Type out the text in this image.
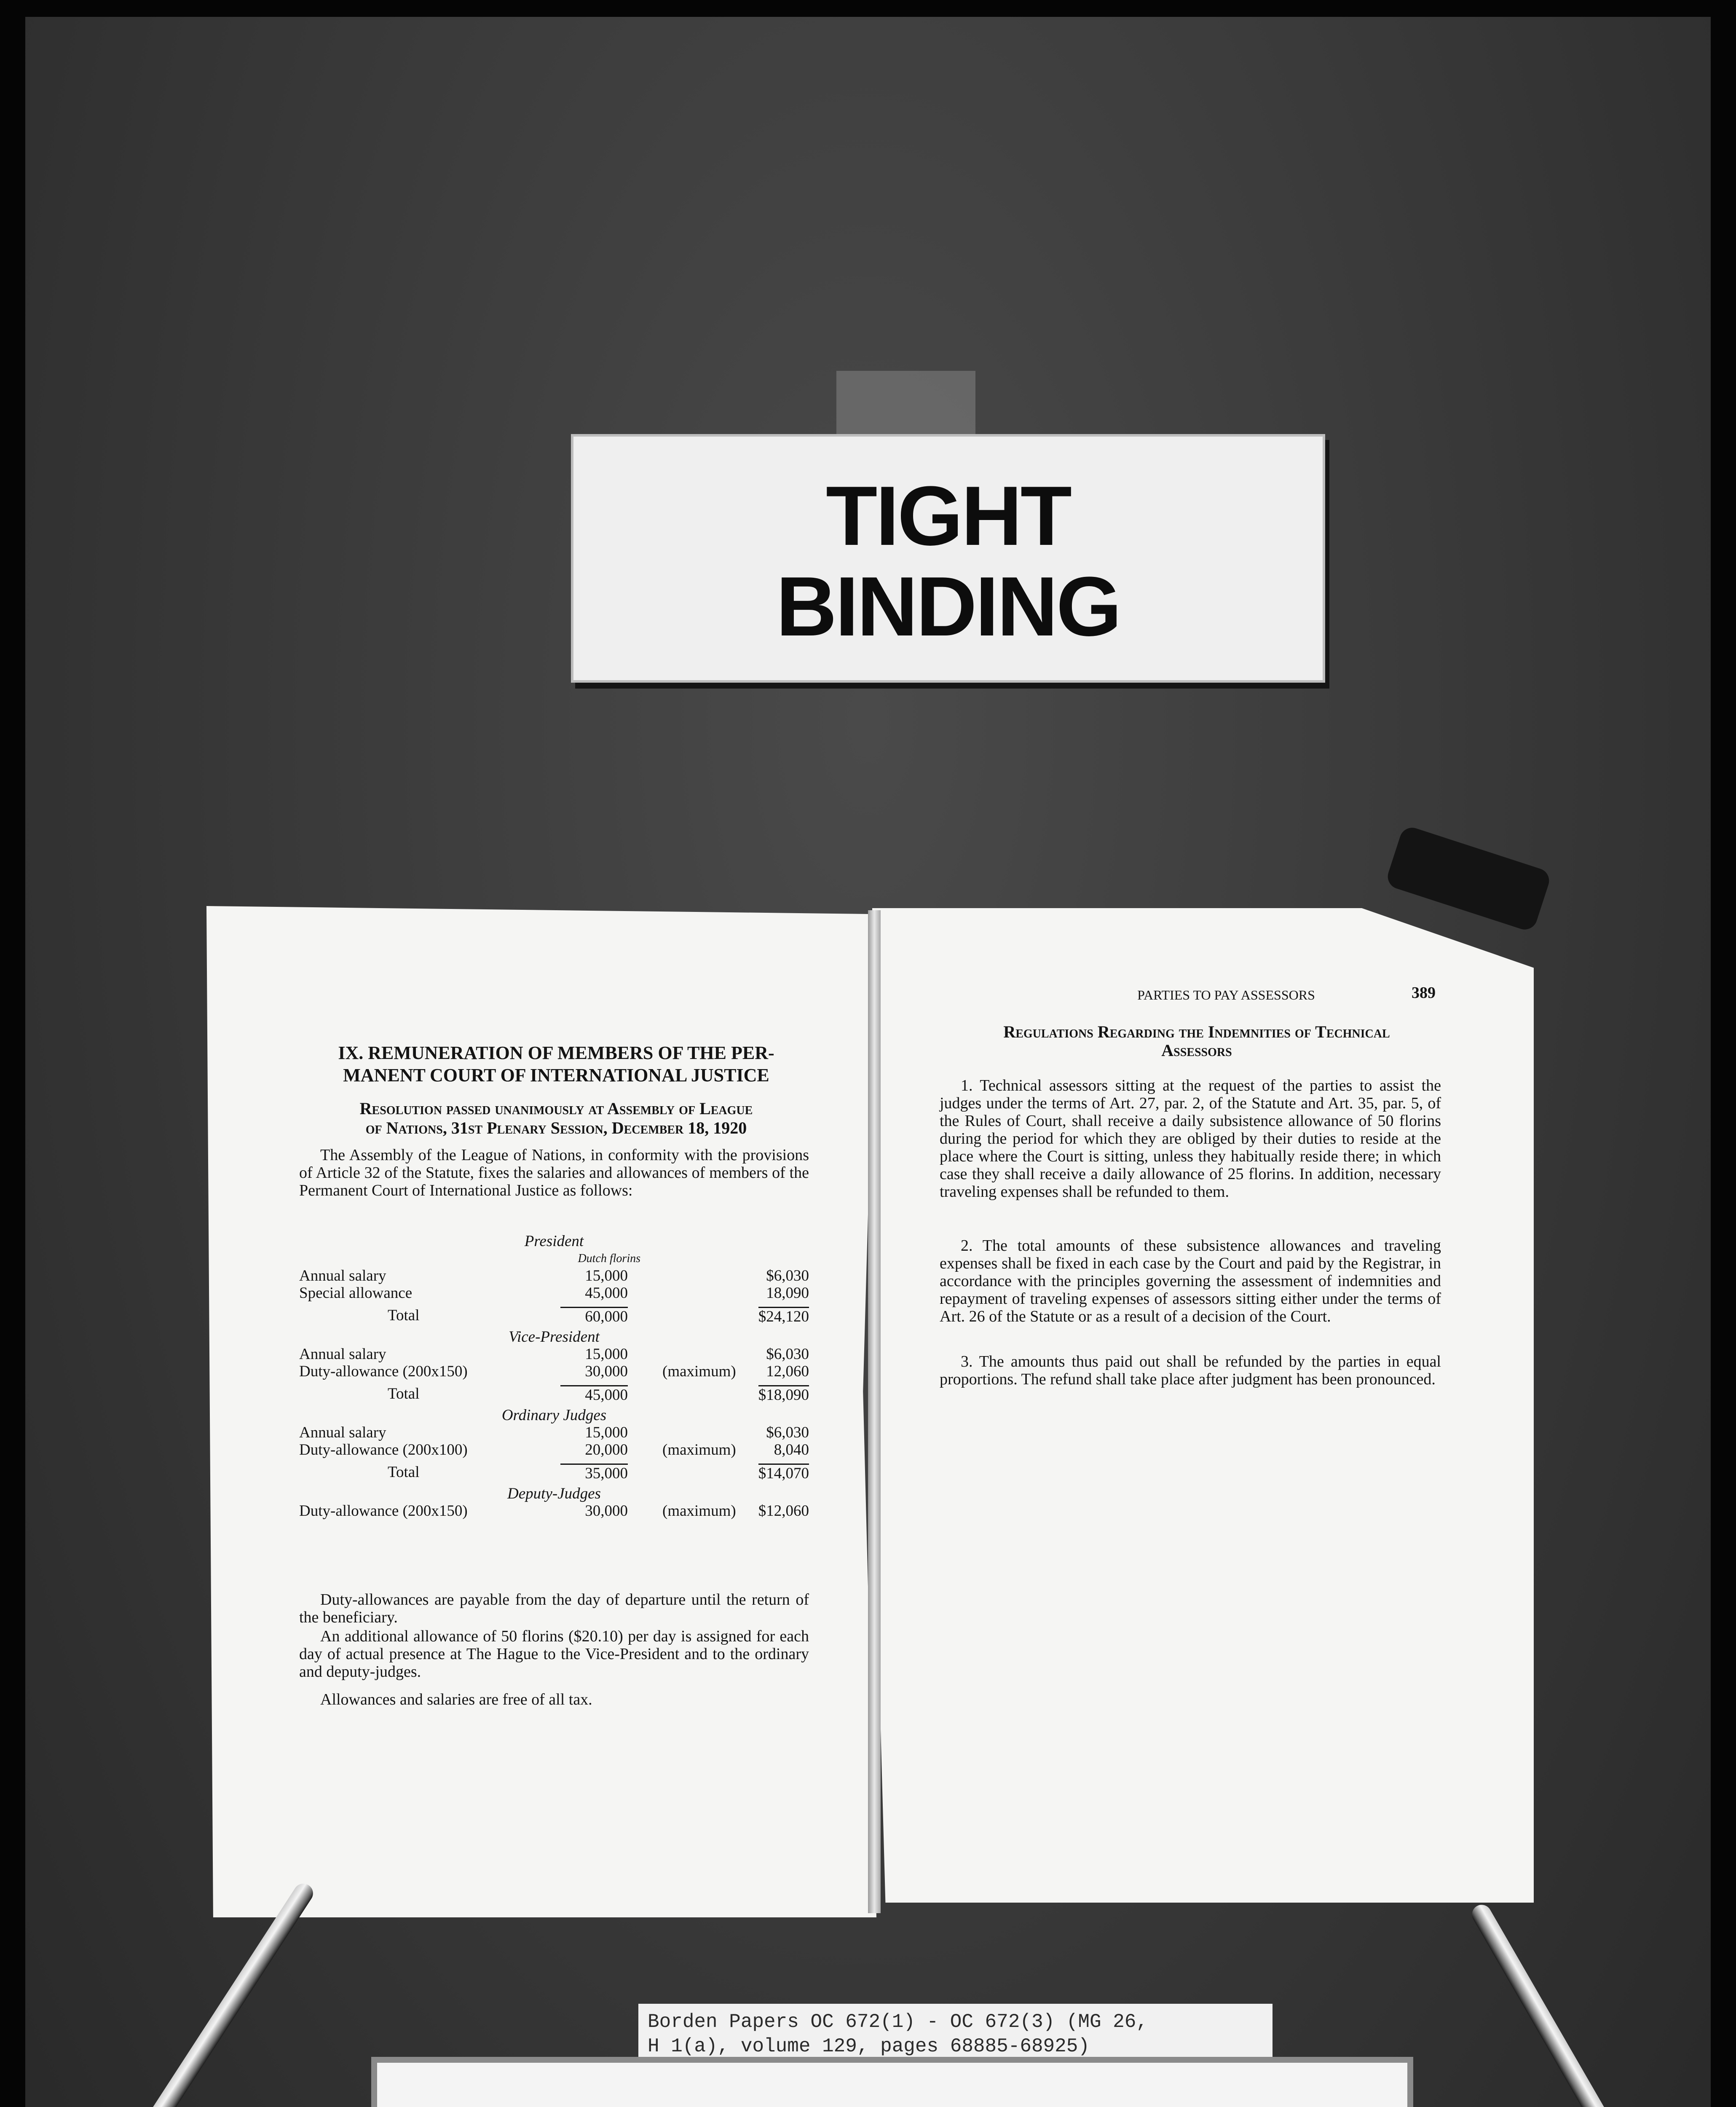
TIGHT
BINDING
IX. REMUNERATION OF MEMBERS OF THE PER-
MANENT COURT OF INTERNATIONAL JUSTICE
Resolution passed unanimously at Assembly of League
of Nations, 31st Plenary Session, December 18, 1920
The Assembly of the League of Nations, in conformity with the provisions of Article 32 of the Statute, fixes the salaries and allowances of members of the Permanent Court of International Justice as follows:
President
Dutch florins
Annual salary	15,000	$6,030
Special allowance	45,000	18,090
Total	60,000	$24,120
Vice-President
Annual salary	15,000	$6,030
Duty-allowance (200x150)	30,000 (maximum) 12,060
Total	45,000	$18,090
Ordinary Judges
Annual salary	15,000	$6,030
Duty-allowance (200x100)	20,000 (maximum) 8,040
Total	35,000	$14,070
Deputy-Judges
Duty-allowance (200x150)	30,000 (maximum) $12,060
Duty-allowances are payable from the day of departure until the return of the beneficiary.
An additional allowance of 50 florins ($20.10) per day is assigned for each day of actual presence at The Hague to the Vice-President and to the ordinary and deputy-judges.
Allowances and salaries are free of all tax.
PARTIES TO PAY ASSESSORS	389
Regulations Regarding the Indemnities of Technical
Assessors
1. Technical assessors sitting at the request of the parties to assist the judges under the terms of Art. 27, par. 2, of the Statute and Art. 35, par. 5, of the Rules of Court, shall receive a daily subsistence allowance of 50 florins during the period for which they are obliged by their duties to reside at the place where the Court is sitting, unless they habitually reside there; in which case they shall receive a daily allowance of 25 florins. In addition, necessary traveling expenses shall be refunded to them.
2. The total amounts of these subsistence allowances and traveling expenses shall be fixed in each case by the Court and paid by the Registrar, in accordance with the principles governing the assessment of indemnities and repayment of traveling expenses of assessors sitting either under the terms of Art. 26 of the Statute or as a result of a decision of the Court.
3. The amounts thus paid out shall be refunded by the parties in equal proportions. The refund shall take place after judgment has been pronounced.
Borden Papers OC 672(1) - OC 672(3) (MG 26,
H 1(a), volume 129, pages 68885-68925)
